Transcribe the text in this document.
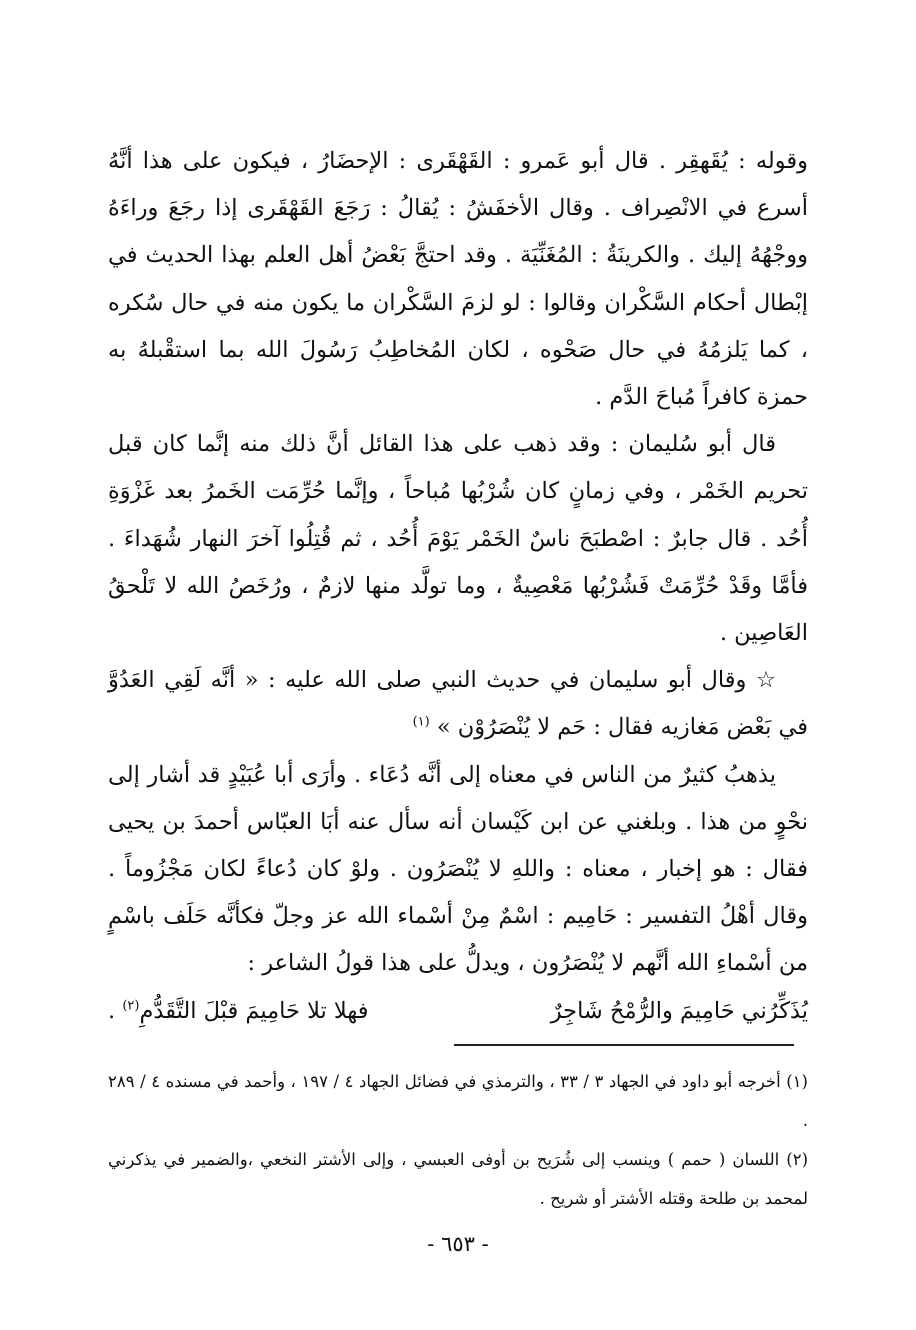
وقوله : يُقَهقِر . قال أبو عَمرو : القَهْقَرى : الإحضَارُ ، فيكون على هذا أنَّهُ أسرع في الانْصِراف . وقال الأخفَشُ : يُقالُ : رَجَعَ القَهْقَرى إذا رجَعَ وراءَهُ ووجْهُهُ إليك . والكرينَةُ : المُغَنِّيَة . وقد احتجَّ بَعْضُ أهل العلم بهذا الحديث في إبْطال أحكام السَّكْران وقالوا : لو لزمَ السَّكْران ما يكون منه في حال سُكره ، كما يَلزمُهُ في حال صَحْوه ، لكان المُخاطِبُ رَسُولَ الله بما استقْبلهُ به حمزة كافراً مُباحَ الدَّم .

قال أبو سُليمان : وقد ذهب على هذا القائل أنَّ ذلك منه إنَّما كان قبل تحريم الخَمْر ، وفي زمانٍ كان شُرْبُها مُباحاً ، وإنَّما حُرِّمَت الخَمرُ بعد غَزْوَةِ أُحُد . قال جابرٌ : اصْطبَحَ ناسٌ الخَمْر يَوْمَ أُحُد ، ثم قُتِلُوا آخرَ النهار شُهَداءَ . فأمَّا وقَدْ حُرِّمَتْ فَشُرْبُها مَعْصِيةٌ ، وما تولَّد منها لازمٌ ، ورُخَصُ الله لا تَلْحقُ العَاصِين .

☆ وقال أبو سليمان في حديث النبي صلى الله عليه : « أنَّه لَقِي العَدُوَّ في بَعْض مَغازيه فقال : حَم لا يُنْصَرُوْن » $^{(١)}$

يذهبُ كثيرٌ من الناس في معناه إلى أنَّه دُعَاء . وأرَى أبا عُبَيْدٍ قد أشار إلى نحْوٍ من هذا . وبلغني عن ابن كَيْسان أنه سأل عنه أبَا العبّاس أحمدَ بن يحيى فقال : هو إخبار ، معناه : واللهِ لا يُنْصَرُون . ولوْ كان دُعاءً لكان مَجْزُوماً . وقال أهْلُ التفسير : حَامِيم : اسْمٌ مِنْ أسْماء الله عز وجلّ فكأنَّه حَلَف باسْمٍ من أسْماءِ الله أنَّهم لا يُنْصَرُون ، ويدلُّ على هذا قولُ الشاعر :

يُذَكِّرُني حَامِيمَ والرُّمْحُ شَاجِرٌ
فهلا تلا حَامِيمَ قبْلَ التَّقَدُّمِ$^{(٢)}$ .

(١) أخرجه أبو داود في الجهاد ٣ / ٣٣ ، والترمذي في فضائل الجهاد ٤ / ١٩٧ ، وأحمد في مسنده ٤ / ٢٨٩ .

(٢) اللسان ( حمم ) وينسب إلى شُرَيح بن أوفى العبسي ، وإلى الأشتر النخعي ،والضمير في يذكرني لمحمد بن طلحة وقتله الأشتر أو شريح .

- ٦٥٣ -
